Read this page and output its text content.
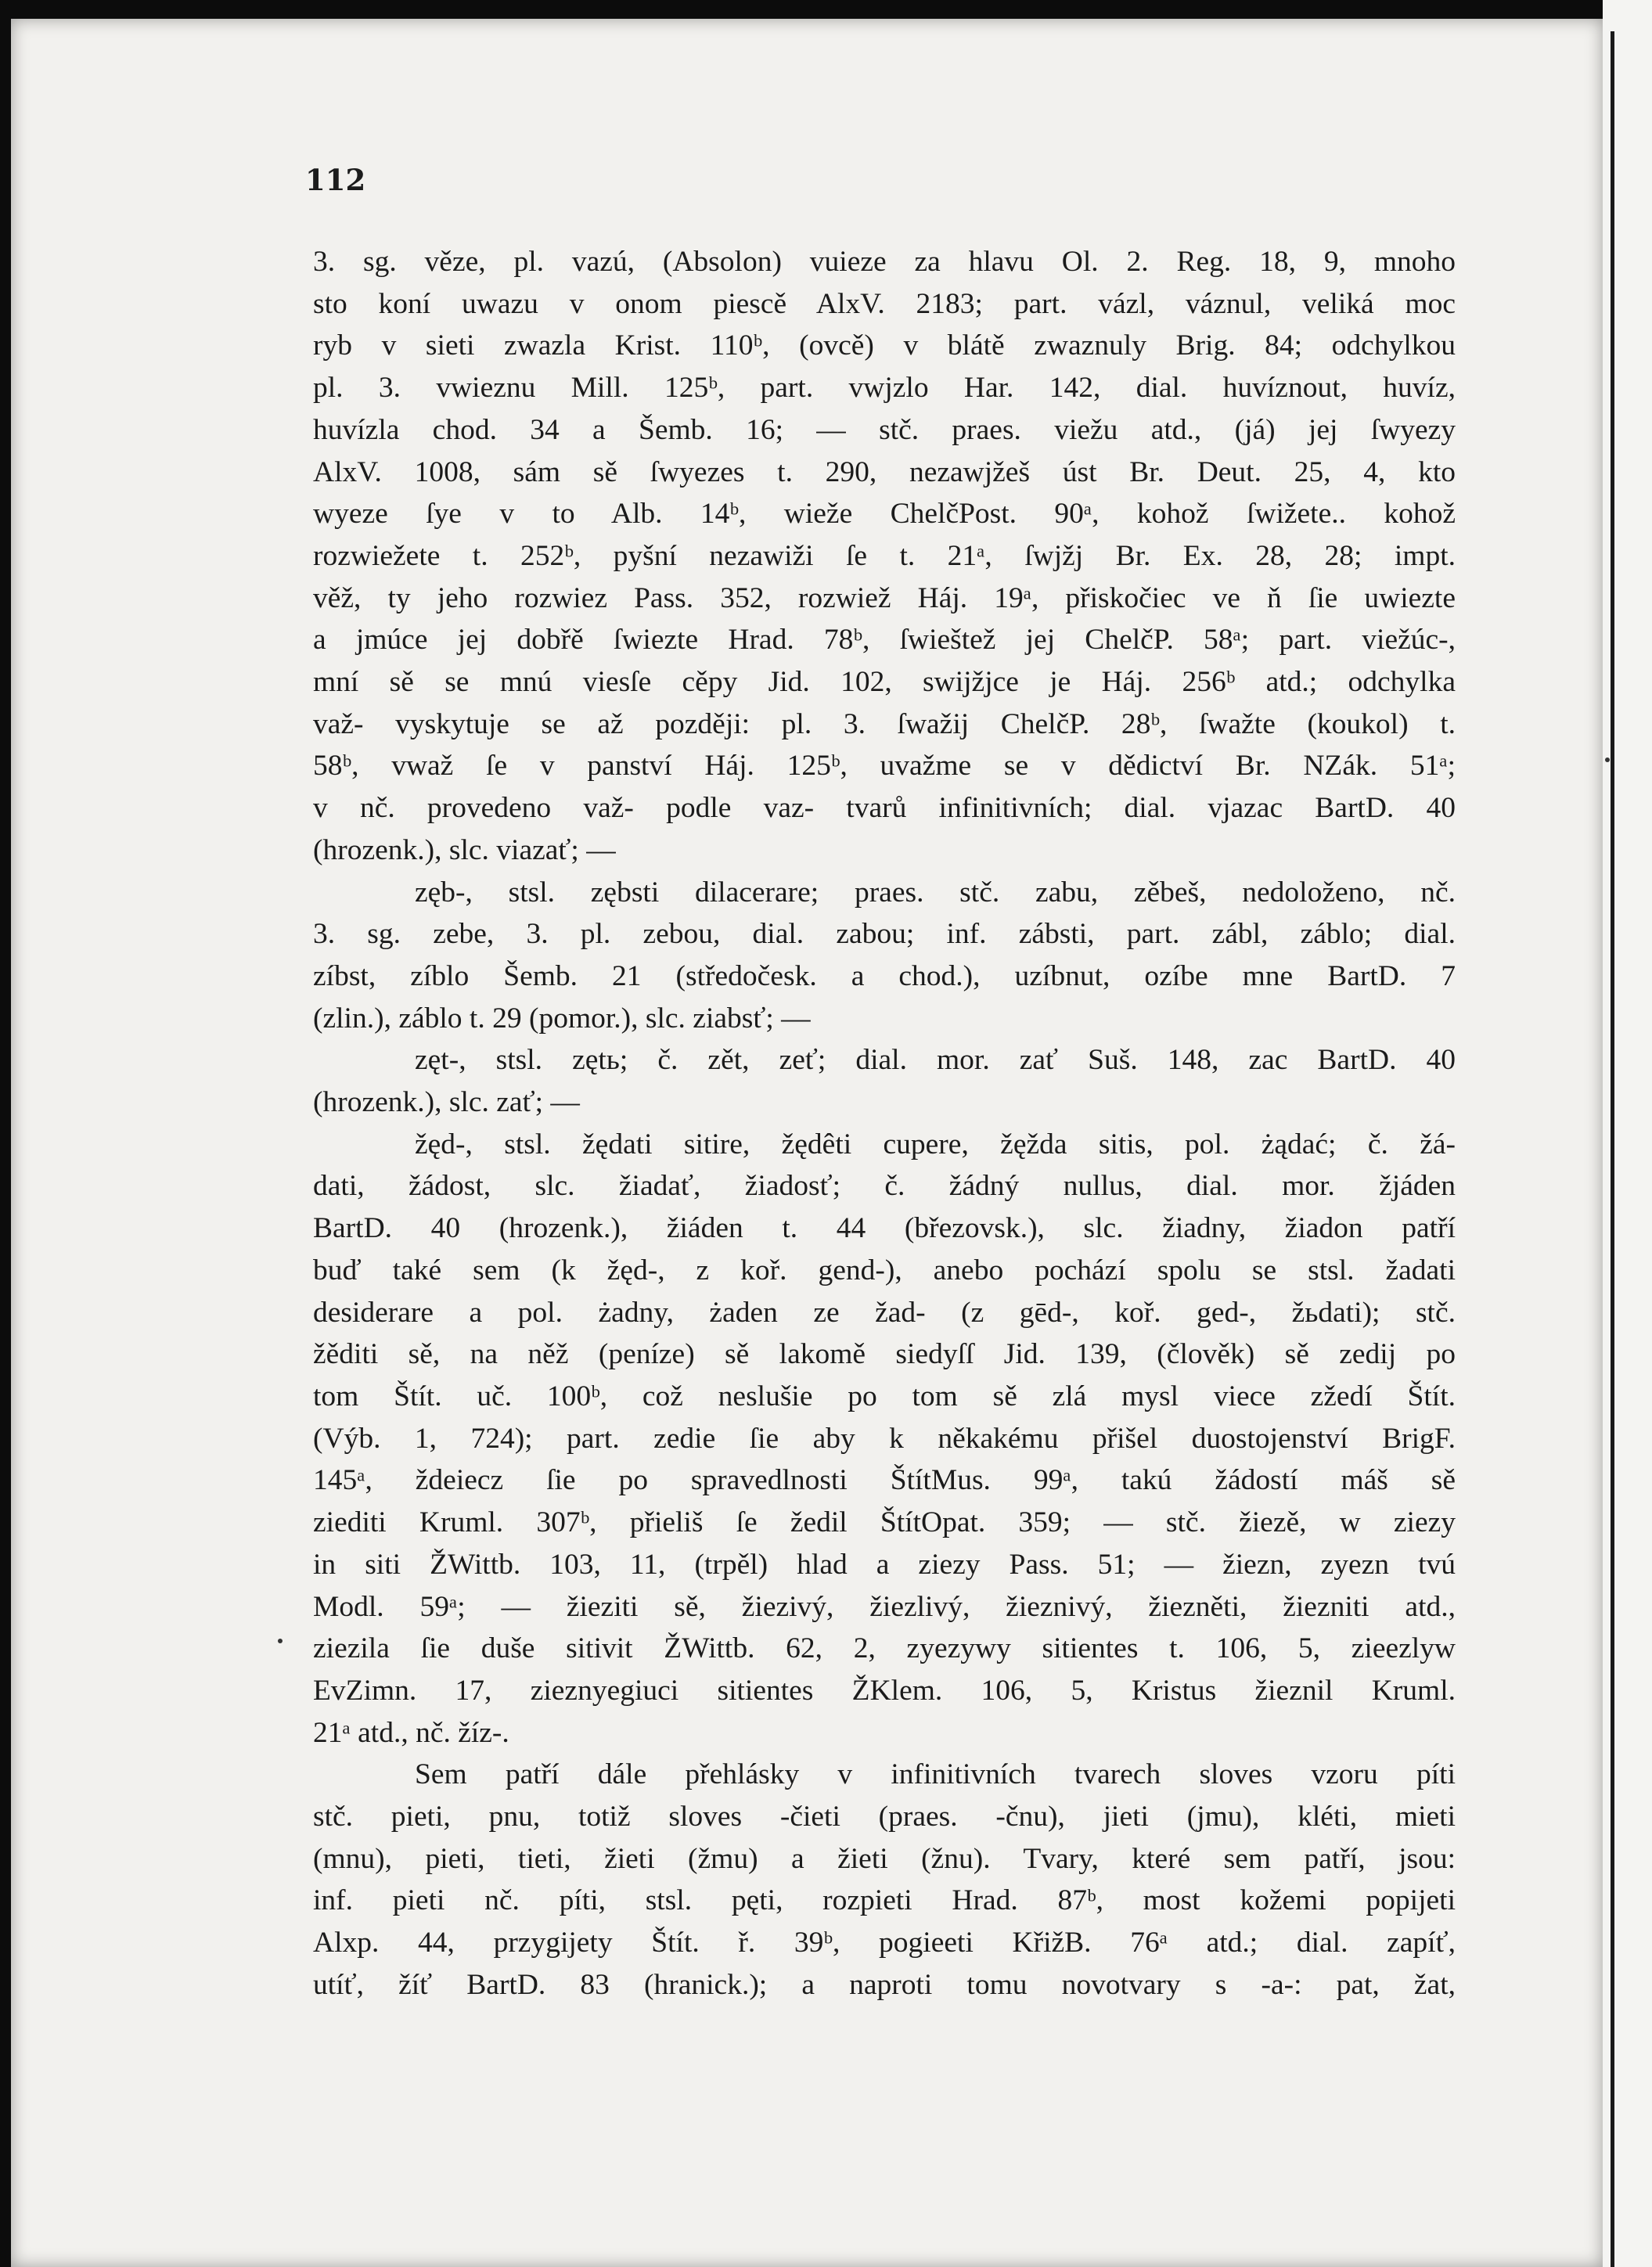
112
3. sg. věze, pl. vazú, (Absolon) vuieze za hlavu Ol. 2. Reg. 18, 9, mnoho
sto koní uwazu v onom piescě AlxV. 2183; part. vázl, váznul, veliká moc
ryb v sieti zwazla Krist. 110ᵇ, (ovcě) v blátě zwaznuly Brig. 84; odchylkou
pl. 3. vwieznu Mill. 125ᵇ, part. vwjzlo Har. 142, dial. huvíznout, huvíz,
huvízla chod. 34 a Šemb. 16; — stč. praes. viežu atd., (já) jej ſwyezy
AlxV. 1008, sám sě ſwyezes t. 290, nezawjžeš úst Br. Deut. 25, 4, kto
wyeze ſye v to Alb. 14ᵇ, wieže ChelčPost. 90ᵃ, kohož ſwižete.. kohož
rozwiežete t. 252ᵇ, pyšní nezawiži ſe t. 21ᵃ, ſwjžj Br. Ex. 28, 28; impt.
věž, ty jeho rozwiez Pass. 352, rozwiež Háj. 19ᵃ, přiskočiec ve ň ſie uwiezte
a jmúce jej dobřě ſwiezte Hrad. 78ᵇ, ſwieštež jej ChelčP. 58ᵃ; part. viežúc-,
mní sě se mnú viesſe cěpy Jid. 102, swijžjce je Háj. 256ᵇ atd.; odchylka
važ- vyskytuje se až později: pl. 3. ſwažij ChelčP. 28ᵇ, ſwažte (koukol) t.
58ᵇ, vwaž ſe v panství Háj. 125ᵇ, uvažme se v dědictví Br. NZák. 51ᵃ;
v nč. provedeno važ- podle vaz- tvarů infinitivních; dial. vjazac BartD. 40
(hrozenk.), slc. viazať; —
zęb-, stsl. zębsti dilacerare; praes. stč. zabu, zěbeš, nedoloženo, nč.
3. sg. zebe, 3. pl. zebou, dial. zabou; inf. zábsti, part. zábl, záblo; dial.
zíbst, zíblo Šemb. 21 (středočesk. a chod.), uzíbnut, ozíbe mne BartD. 7
(zlin.), záblo t. 29 (pomor.), slc. ziabsť; —
zęt-, stsl. zętь; č. zět, zeť; dial. mor. zať Suš. 148, zac BartD. 40
(hrozenk.), slc. zať; —
žęd-, stsl. žędati sitire, žędêti cupere, žęžda sitis, pol. żądać; č. žá-
dati, žádost, slc. žiadať, žiadosť; č. žádný nullus, dial. mor. žjáden
BartD. 40 (hrozenk.), žiáden t. 44 (březovsk.), slc. žiadny, žiadon patří
buď také sem (k žęd-, z koř. gend-), anebo pochází spolu se stsl. žadati
desiderare a pol. żadny, żaden ze žad- (z gēd-, koř. ged-, žьdati); stč.
žěditi sě, na něž (peníze) sě lakomě siedyſſ Jid. 139, (člověk) sě zedij po
tom Štít. uč. 100ᵇ, což neslušie po tom sě zlá mysl viece zžedí Štít.
(Výb. 1, 724); part. zedie ſie aby k někakému přišel duostojenství BrigF.
145ᵃ, ždeiecz ſie po spravedlnosti ŠtítMus. 99ᵃ, takú žádostí máš sě
ziediti Kruml. 307ᵇ, přieliš ſe žedil ŠtítOpat. 359; — stč. žiezě, w ziezy
in siti ŽWittb. 103, 11, (trpěl) hlad a ziezy Pass. 51; — žiezn, zyezn tvú
Modl. 59ᵃ; — žieziti sě, žiezivý, žiezlivý, žieznivý, žiezněti, žiezniti atd.,
ziezila ſie duše sitivit ŽWittb. 62, 2, zyezywy sitientes t. 106, 5, zieezlyw
EvZimn. 17, zieznyegiuci sitientes ŽKlem. 106, 5, Kristus žieznil Kruml.
21ᵃ atd., nč. žíz-.
Sem patří dále přehlásky v infinitivních tvarech sloves vzoru píti
stč. pieti, pnu, totiž sloves -čieti (praes. -čnu), jieti (jmu), kléti, mieti
(mnu), pieti, tieti, žieti (žmu) a žieti (žnu). Tvary, které sem patří, jsou:
inf. pieti nč. píti, stsl. pęti, rozpieti Hrad. 87ᵇ, most kožemi popijeti
Alxp. 44, przygijety Štít. ř. 39ᵇ, pogieeti KřižB. 76ᵃ atd.; dial. zapíť,
utíť, žíť BartD. 83 (hranick.); a naproti tomu novotvary s -a-: pat, žat,
